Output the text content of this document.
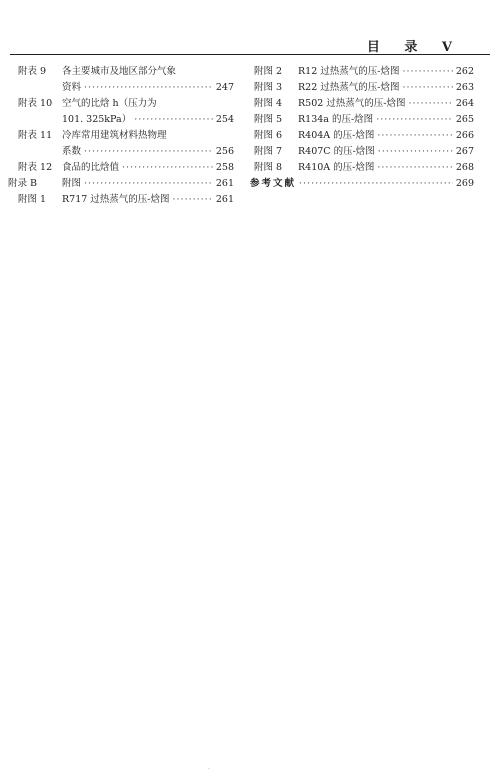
目 录 V
附表 9	各主要城市及地区部分气象
资料 ·····	247
附表 10	空气的比焓 h（压力为
101. 325kPa） ·····	254
附表 11	冷库常用建筑材料热物理
系数 ·····	256
附表 12	食品的比焓值 ·····	258
附录 B	附图 ·····	261
附图 1	R717 过热蒸气的压-焓图 ·····	261
附图 2	R12 过热蒸气的压-焓图 ·····	262
附图 3	R22 过热蒸气的压-焓图 ·····	263
附图 4	R502 过热蒸气的压-焓图 ·····	264
附图 5	R134a 的压-焓图 ·····	265
附图 6	R404A 的压-焓图 ·····	266
附图 7	R407C 的压-焓图 ·····	267
附图 8	R410A 的压-焓图 ·····	268
参考文献 ·····	269
·
